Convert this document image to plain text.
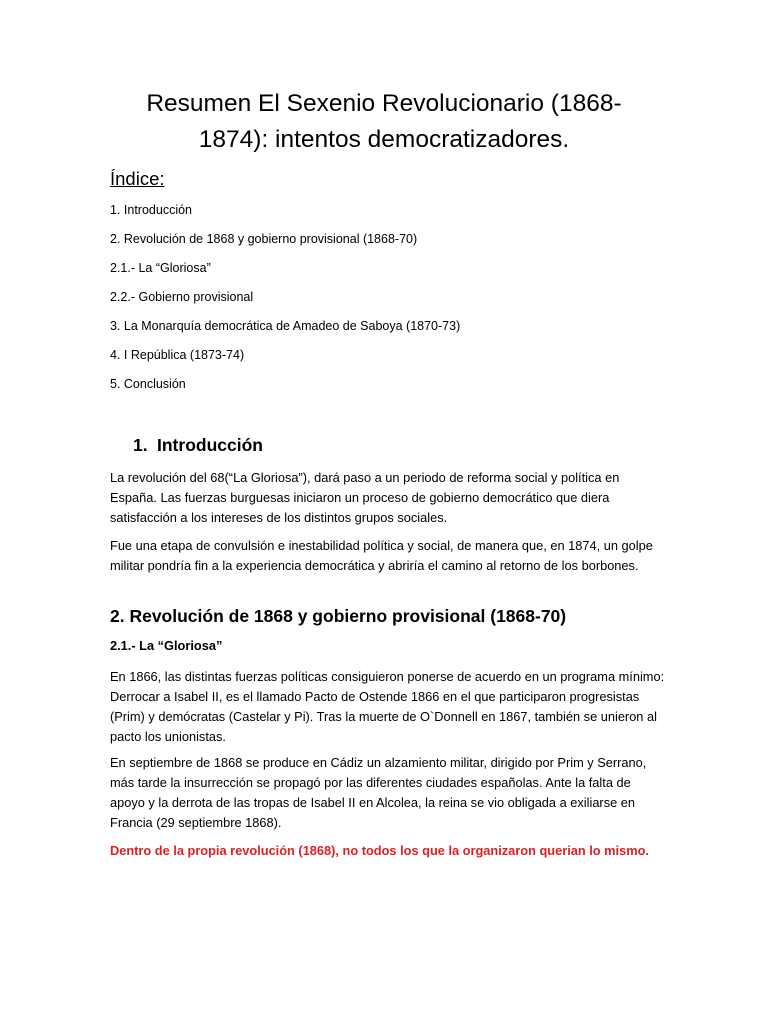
Resumen El Sexenio Revolucionario (1868-
1874): intentos democratizadores.
Índice:
1. Introducción
2. Revolución de 1868 y gobierno provisional (1868-70)
2.1.- La “Gloriosa”
2.2.- Gobierno provisional
3. La Monarquía democrática de Amadeo de Saboya (1870-73)
4. I República (1873-74)
5. Conclusión
1. Introducción

La revolución del 68(“La Gloriosa”), dará paso a un periodo de reforma social y política en España. Las fuerzas burguesas iniciaron un proceso de gobierno democrático que diera satisfacción a los intereses de los distintos grupos sociales.

Fue una etapa de convulsión e inestabilidad política y social, de manera que, en 1874, un golpe militar pondría fin a la experiencia democrática y abriría el camino al retorno de los borbones.

2. Revolución de 1868 y gobierno provisional (1868-70)
2.1.- La “Gloriosa”

En 1866, las distintas fuerzas políticas consiguieron ponerse de acuerdo en un programa mínimo: Derrocar a Isabel II, es el llamado Pacto de Ostende 1866 en el que participaron progresistas (Prim) y demócratas (Castelar y Pi). Tras la muerte de O`Donnell en 1867, también se unieron al pacto los unionistas.

En septiembre de 1868 se produce en Cádiz un alzamiento militar, dirigido por Prim y Serrano, más tarde la insurrección se propagó por las diferentes ciudades españolas. Ante la falta de apoyo y la derrota de las tropas de Isabel II en Alcolea, la reina se vio obligada a exiliarse en Francia (29 septiembre 1868).

Dentro de la propia revolución (1868), no todos los que la organizaron querian lo mismo.
